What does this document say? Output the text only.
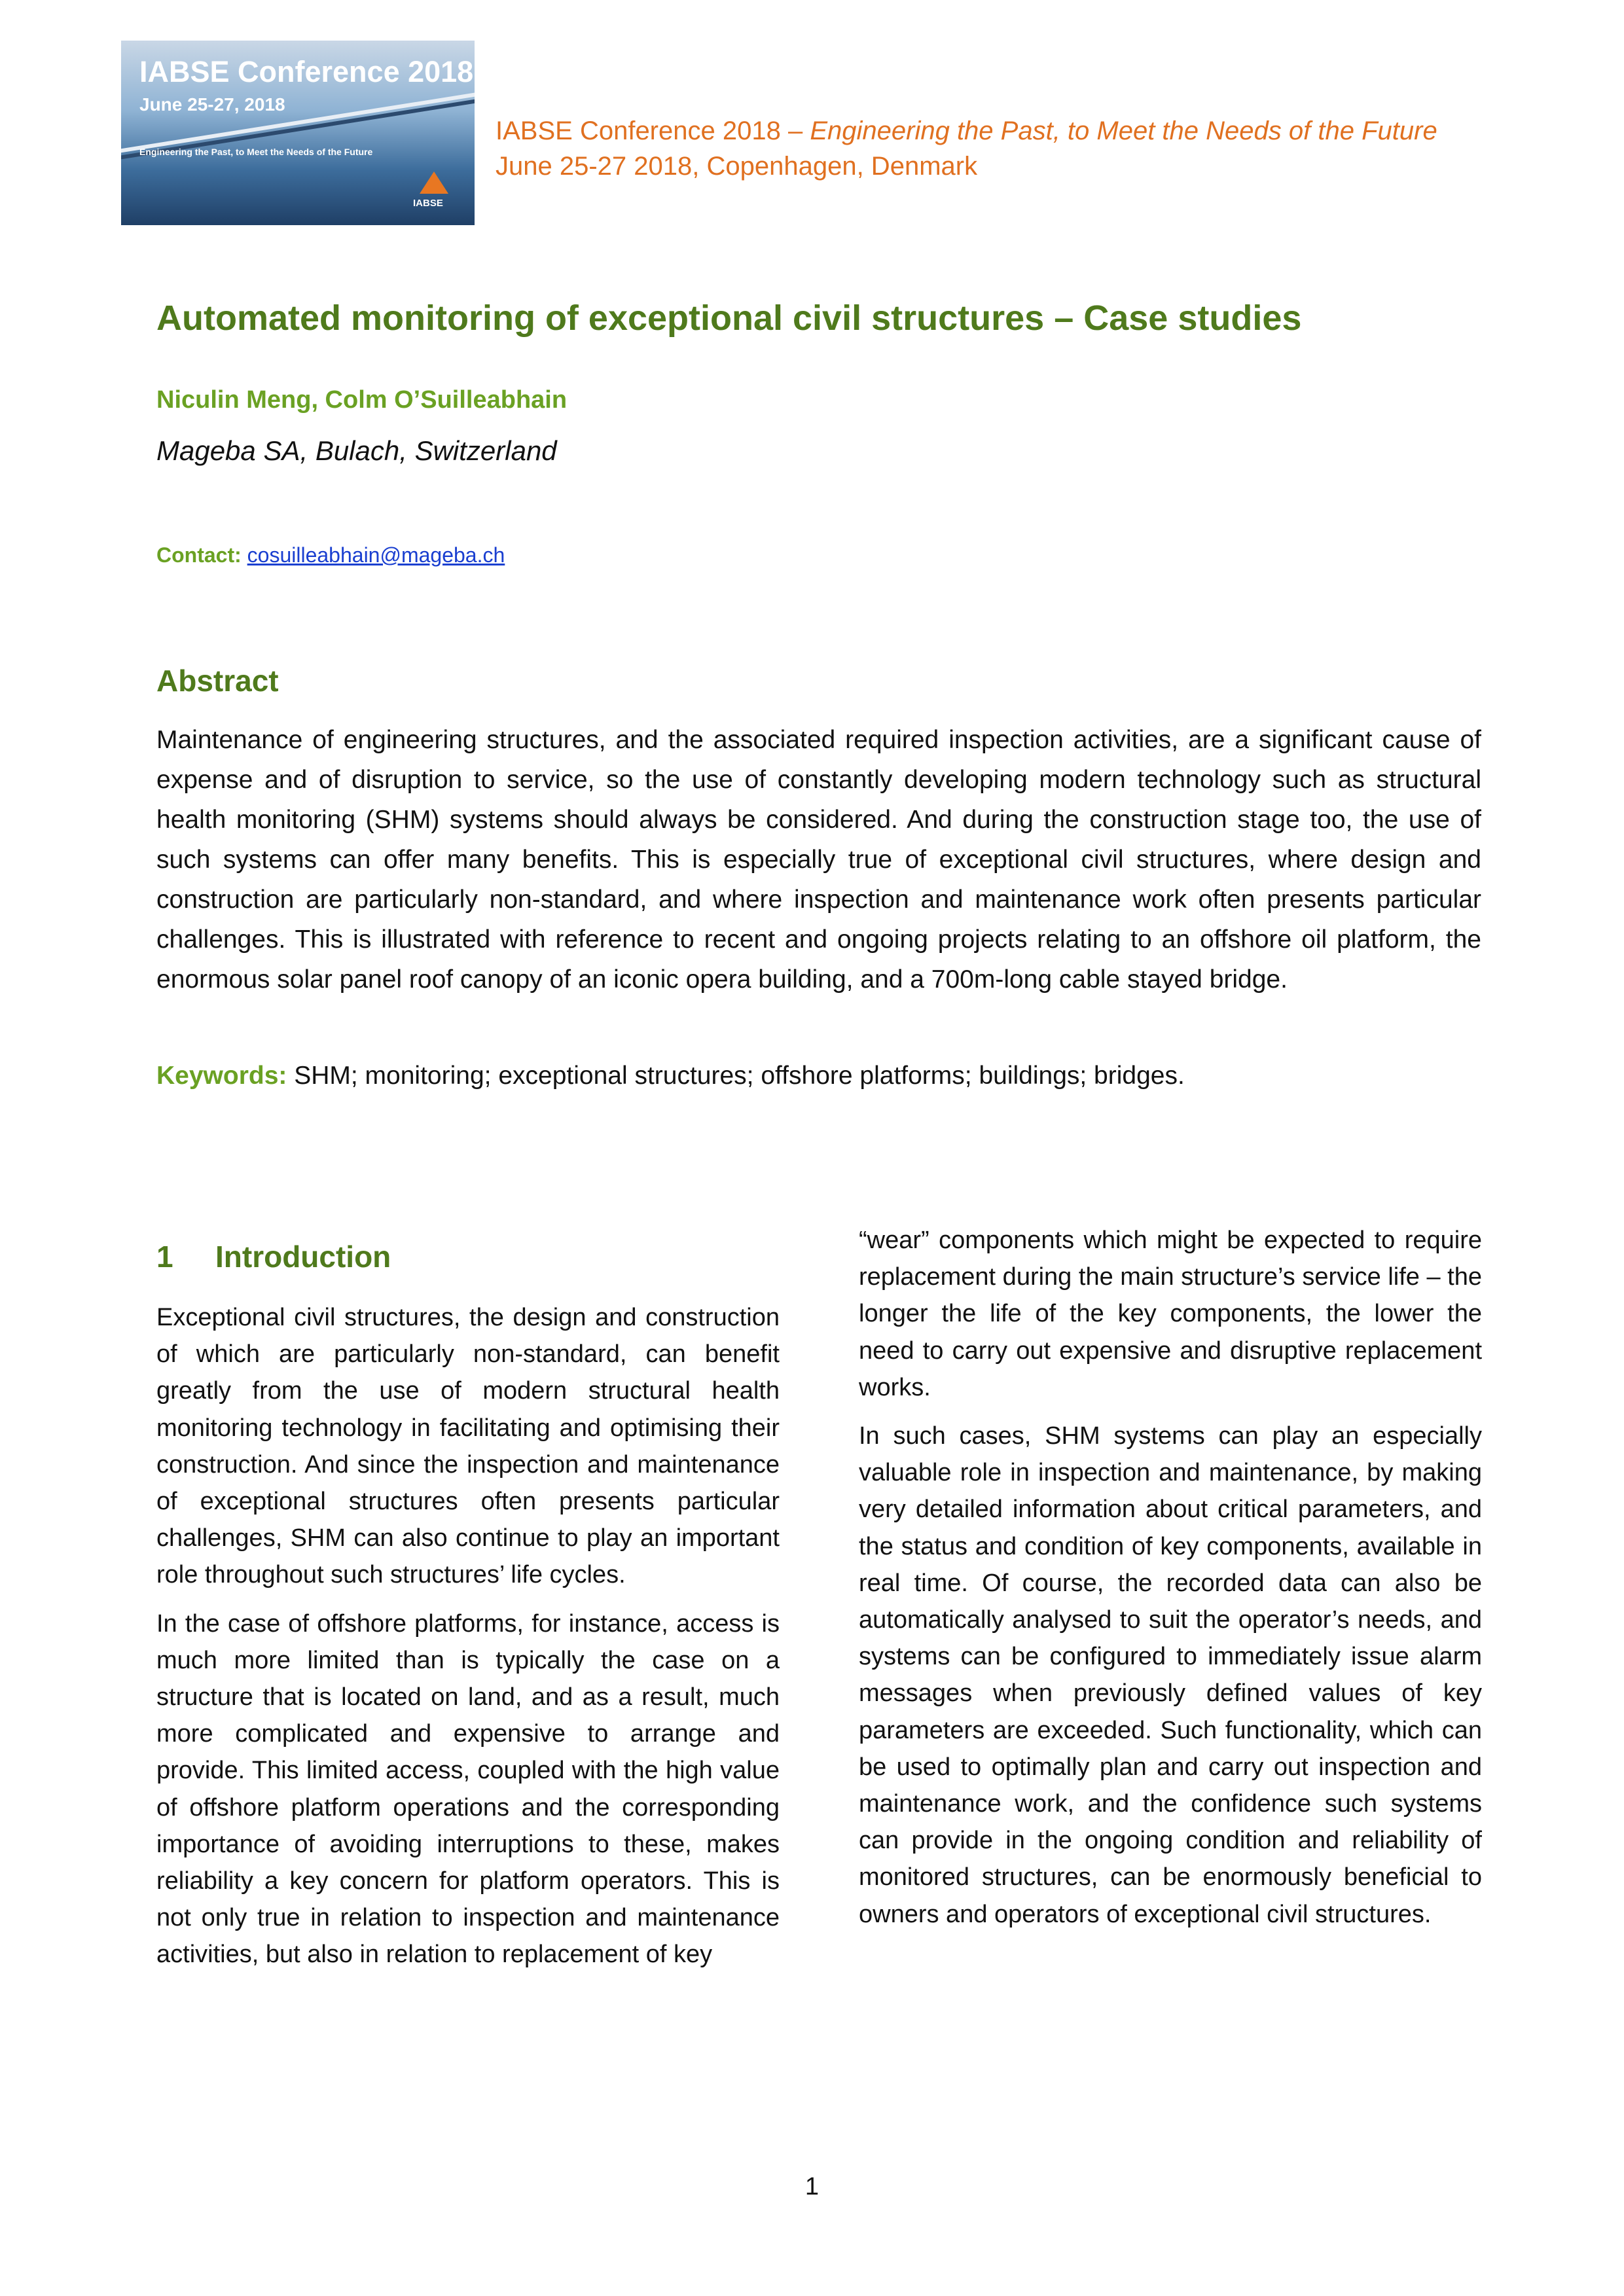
IABSE Conference 2018
June 25-27, 2018
Engineering the Past, to Meet the Needs of the Future
IABSE
IABSE Conference 2018 – Engineering the Past, to Meet the Needs of the Future
June 25-27 2018, Copenhagen, Denmark
Automated monitoring of exceptional civil structures – Case studies
Niculin Meng, Colm O’Suilleabhain
Mageba SA, Bulach, Switzerland
Contact: cosuilleabhain@mageba.ch
Abstract

Maintenance of engineering structures, and the associated required inspection activities, are a significant cause of expense and of disruption to service, so the use of constantly developing modern technology such as structural health monitoring (SHM) systems should always be considered. And during the construction stage too, the use of such systems can offer many benefits. This is especially true of exceptional civil structures, where design and construction are particularly non-standard, and where inspection and maintenance work often presents particular challenges. This is illustrated with reference to recent and ongoing projects relating to an offshore oil platform, the enormous solar panel roof canopy of an iconic opera building, and a 700m-long cable stayed bridge.

Keywords: SHM; monitoring; exceptional structures; offshore platforms; buildings; bridges.

1 Introduction

Exceptional civil structures, the design and construction of which are particularly non-standard, can benefit greatly from the use of modern structural health monitoring technology in facilitating and optimising their construction. And since the inspection and maintenance of exceptional structures often presents particular challenges, SHM can also continue to play an important role throughout such structures’ life cycles.

In the case of offshore platforms, for instance, access is much more limited than is typically the case on a structure that is located on land, and as a result, much more complicated and expensive to arrange and provide. This limited access, coupled with the high value of offshore platform operations and the corresponding importance of avoiding interruptions to these, makes reliability a key concern for platform operators. This is not only true in relation to inspection and maintenance activities, but also in relation to replacement of key

“wear” components which might be expected to require replacement during the main structure’s service life – the longer the life of the key components, the lower the need to carry out expensive and disruptive replacement works.

In such cases, SHM systems can play an especially valuable role in inspection and maintenance, by making very detailed information about critical parameters, and the status and condition of key components, available in real time. Of course, the recorded data can also be automatically analysed to suit the operator’s needs, and systems can be configured to immediately issue alarm messages when previously defined values of key parameters are exceeded. Such functionality, which can be used to optimally plan and carry out inspection and maintenance work, and the confidence such systems can provide in the ongoing condition and reliability of monitored structures, can be enormously beneficial to owners and operators of exceptional civil structures.

1
